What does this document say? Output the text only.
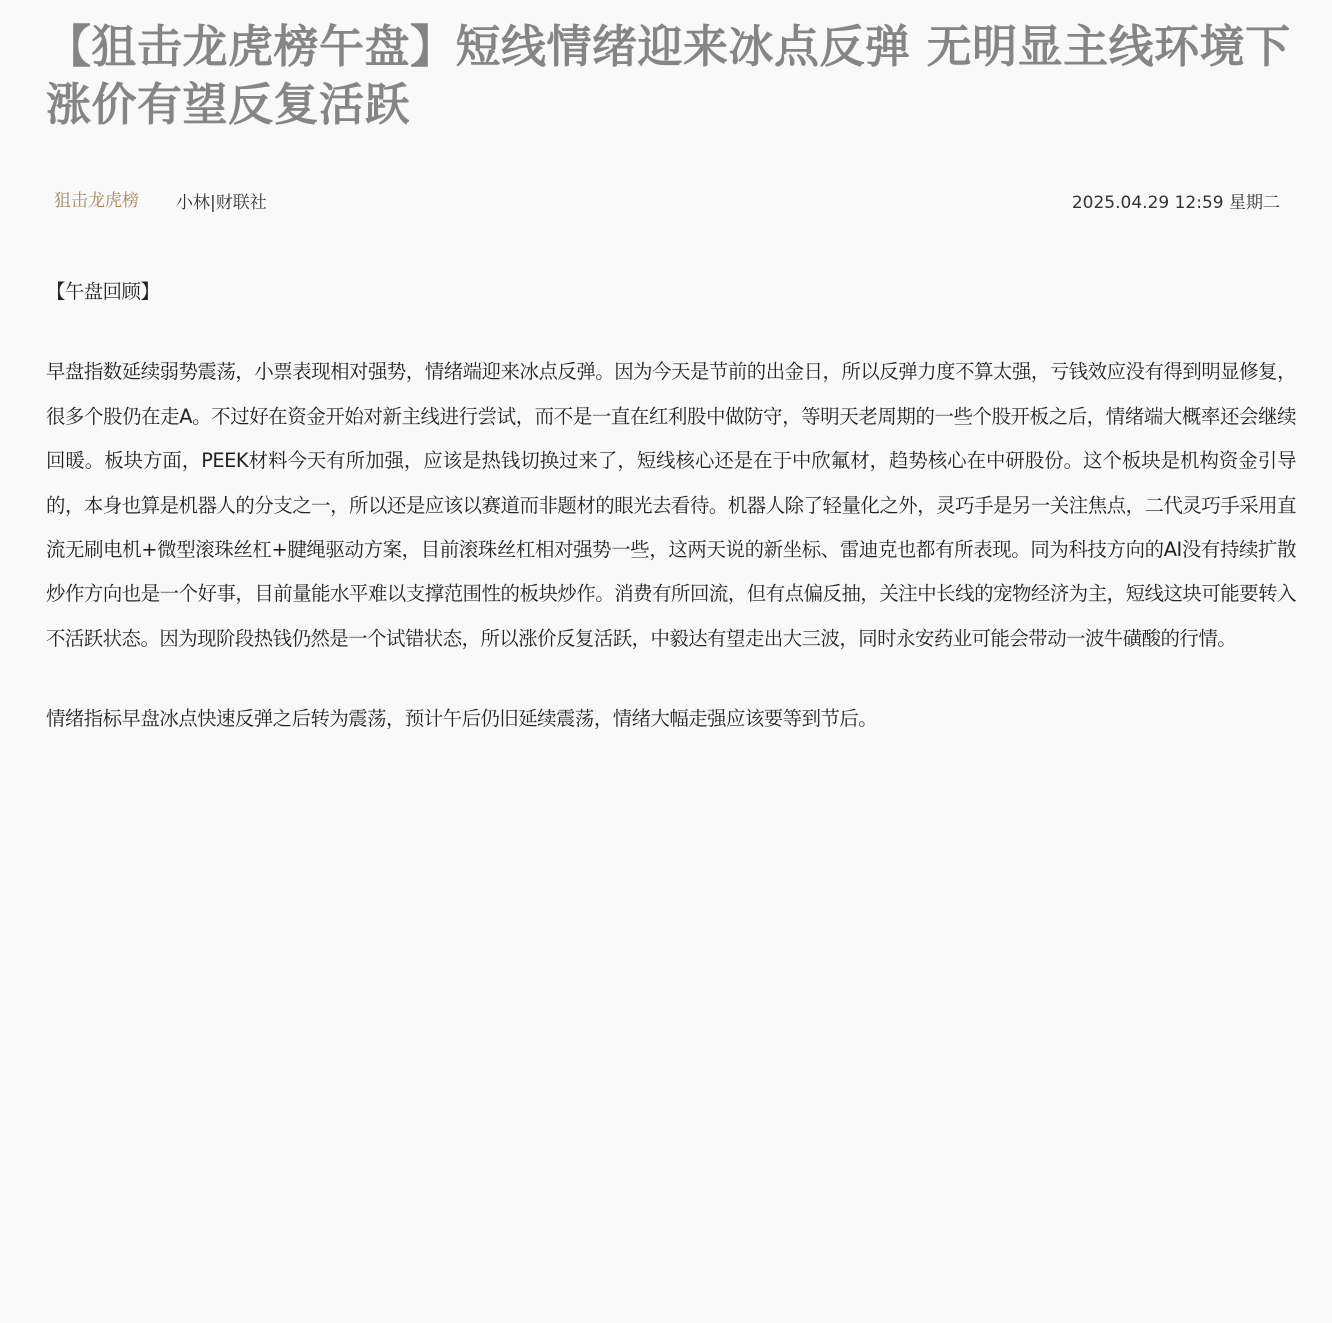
【狙击龙虎榜午盘】短线情绪迎来冰点反弹 无明显主线环境下涨价有望反复活跃
狙击龙虎榜 小林|财联社	2025.04.29 12:59 星期二

【午盘回顾】

早盘指数延续弱势震荡，小票表现相对强势，情绪端迎来冰点反弹。因为今天是节前的出金日，所以反弹力度不算太强，亏钱效应没有得到明显修复，很多个股仍在走A。不过好在资金开始对新主线进行尝试，而不是一直在红利股中做防守，等明天老周期的一些个股开板之后，情绪端大概率还会继续回暖。板块方面，PEEK材料今天有所加强，应该是热钱切换过来了，短线核心还是在于中欣氟材，趋势核心在中研股份。这个板块是机构资金引导的，本身也算是机器人的分支之一，所以还是应该以赛道而非题材的眼光去看待。机器人除了轻量化之外，灵巧手是另一关注焦点，二代灵巧手采用直流无刷电机+微型滚珠丝杠+腱绳驱动方案，目前滚珠丝杠相对强势一些，这两天说的新坐标、雷迪克也都有所表现。同为科技方向的AI没有持续扩散炒作方向也是一个好事，目前量能水平难以支撑范围性的板块炒作。消费有所回流，但有点偏反抽，关注中长线的宠物经济为主，短线这块可能要转入不活跃状态。因为现阶段热钱仍然是一个试错状态，所以涨价反复活跃，中毅达有望走出大三波，同时永安药业可能会带动一波牛磺酸的行情。

情绪指标早盘冰点快速反弹之后转为震荡，预计午后仍旧延续震荡，情绪大幅走强应该要等到节后。
